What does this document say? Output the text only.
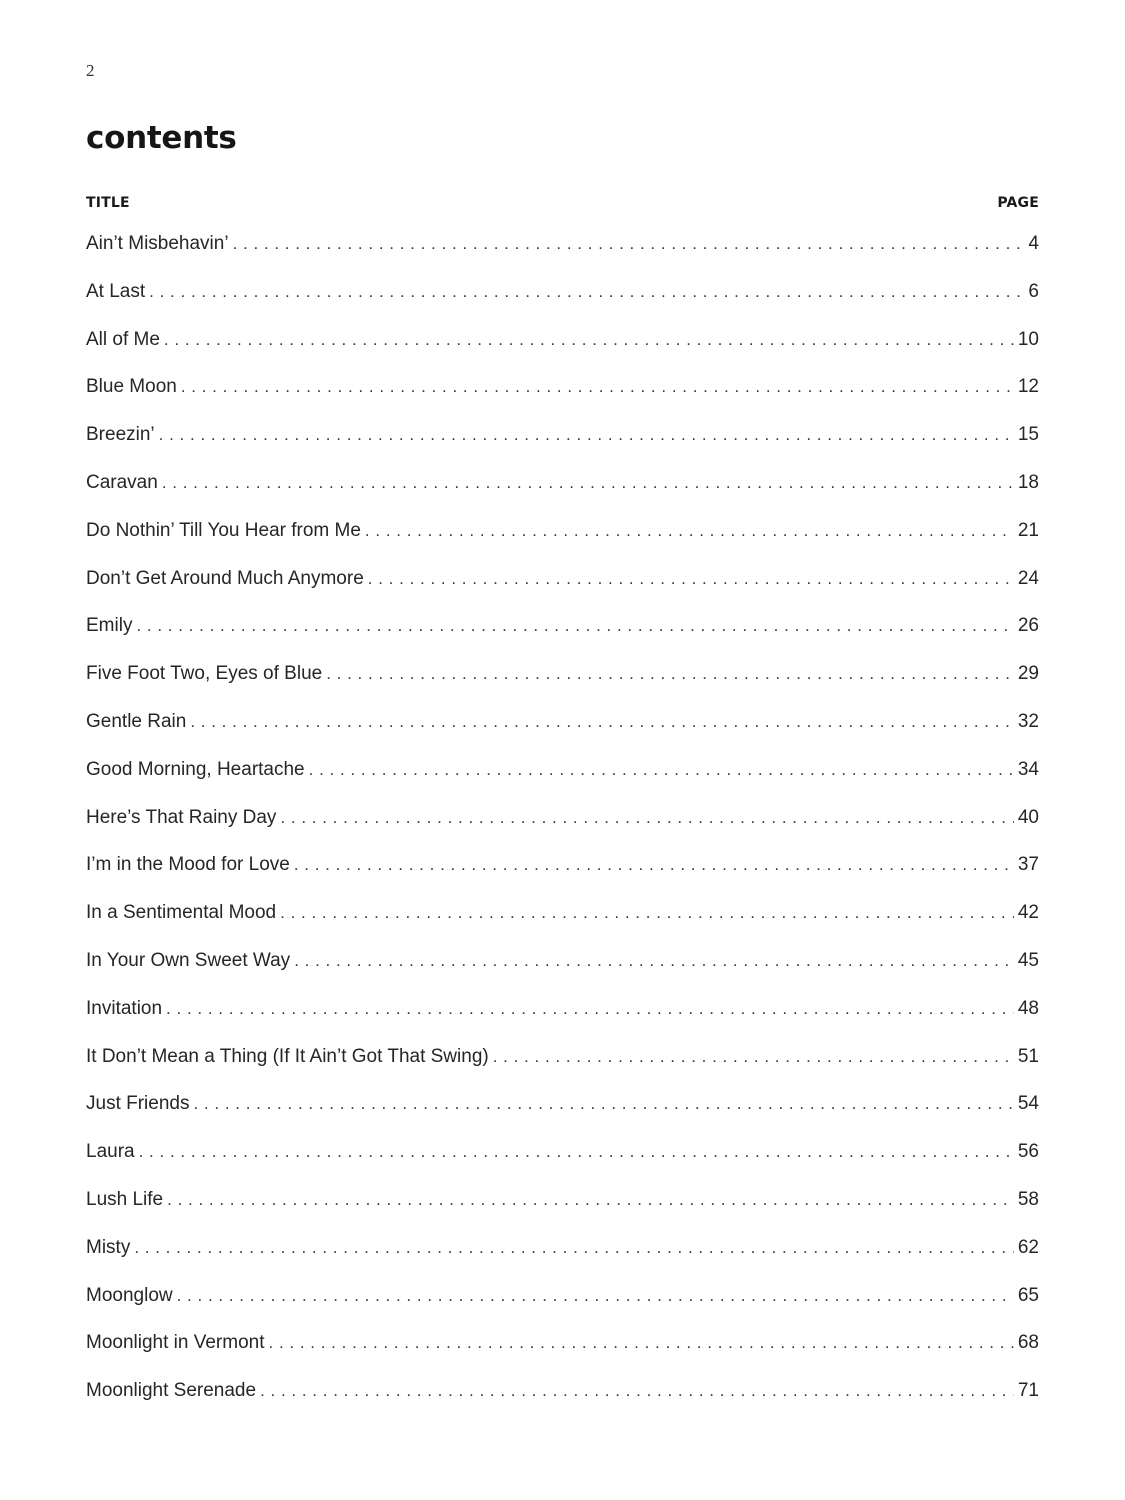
2
contents
TITLE	PAGE
Ain’t Misbehavin’ . . .	4
At Last . . .	6
All of Me . . .	10
Blue Moon . . .	12
Breezin’ . . .	15
Caravan . . .	18
Do Nothin’ Till You Hear from Me . . .	21
Don’t Get Around Much Anymore . . .	24
Emily . . .	26
Five Foot Two, Eyes of Blue . . .	29
Gentle Rain . . .	32
Good Morning, Heartache . . .	34
Here’s That Rainy Day . . .	40
I’m in the Mood for Love . . .	37
In a Sentimental Mood . . .	42
In Your Own Sweet Way . . .	45
Invitation . . .	48
It Don’t Mean a Thing (If It Ain’t Got That Swing) . . .	51
Just Friends . . .	54
Laura . . .	56
Lush Life . . .	58
Misty . . .	62
Moonglow . . .	65
Moonlight in Vermont . . .	68
Moonlight Serenade . . .	71
